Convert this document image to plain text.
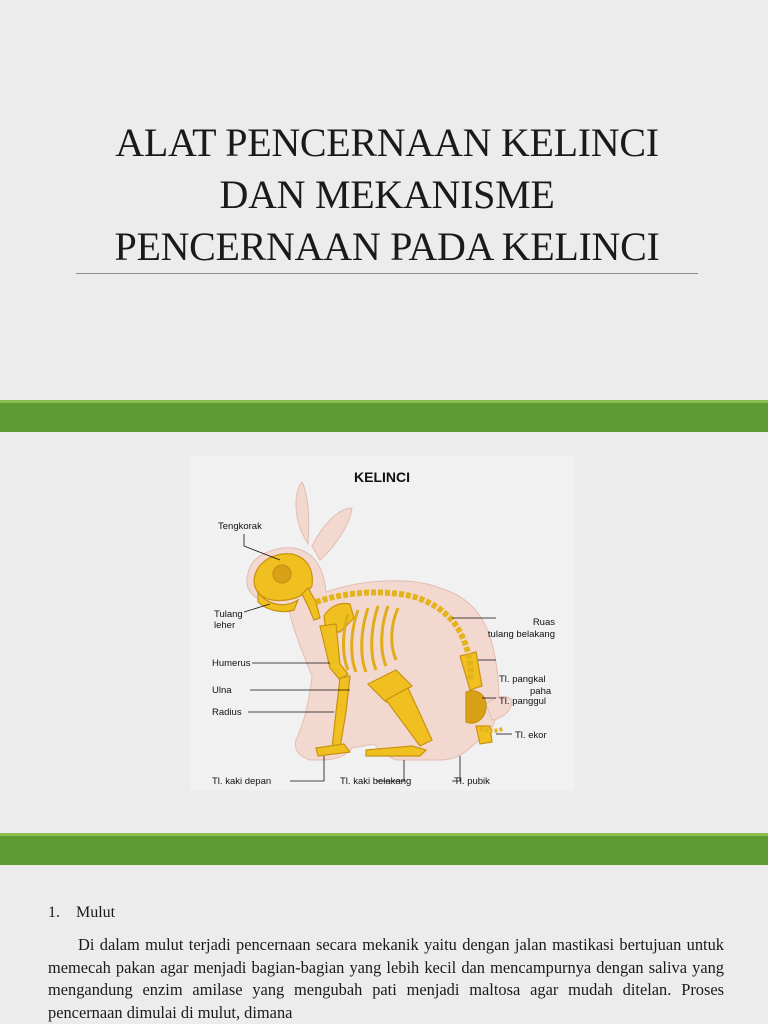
ALAT PENCERNAAN KELINCI
DAN MEKANISME
PENCERNAAN PADA KELINCI
KELINCI
Tengkorak
Tulang
leher
Humerus
Ulna
Radius
Tl. kaki depan	Tl. kaki belakang	Tl. pubik
Ruas
tulang belakang
Tl. pangkal
paha
Tl. panggul
Tl. ekor

1. Mulut

Di dalam mulut terjadi pencernaan secara mekanik yaitu dengan jalan mastikasi bertujuan untuk memecah pakan agar menjadi bagian-bagian yang lebih kecil dan mencampurnya dengan saliva yang mengandung enzim amilase yang mengubah pati menjadi maltosa agar mudah ditelan. Proses pencernaan dimulai di mulut, dimana
